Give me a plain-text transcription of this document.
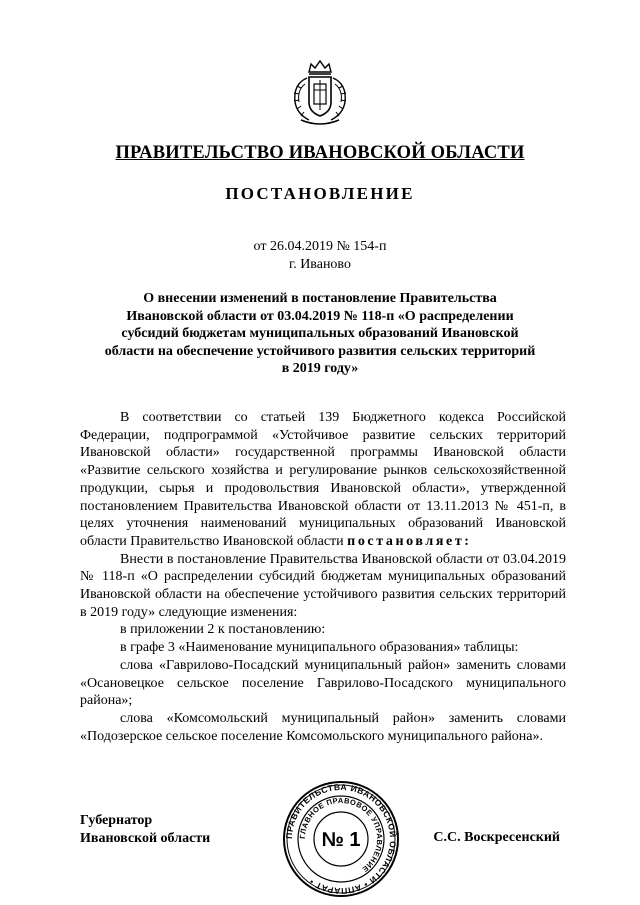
ПРАВИТЕЛЬСТВО ИВАНОВСКОЙ ОБЛАСТИ
ПОСТАНОВЛЕНИЕ
от 26.04.2019 № 154-п
г. Иваново
О внесении изменений в постановление Правительства
Ивановской области от 03.04.2019 № 118-п «О распределении
субсидий бюджетам муниципальных образований Ивановской
области на обеспечение устойчивого развития сельских территорий
в 2019 году»

В соответствии со статьей 139 Бюджетного кодекса Российской Федерации, подпрограммой «Устойчивое развитие сельских территорий Ивановской области» государственной программы Ивановской области «Развитие сельского хозяйства и регулирование рынков сельскохозяйственной продукции, сырья и продовольствия Ивановской области», утвержденной постановлением Правительства Ивановской области от 13.11.2013 № 451-п, в целях уточнения наименований муниципальных образований Ивановской области Правительство Ивановской области постановляет:

Внести в постановление Правительства Ивановской области от 03.04.2019 № 118-п «О распределении субсидий бюджетам муниципальных образований Ивановской области на обеспечение устойчивого развития сельских территорий в 2019 году» следующие изменения:

в приложении 2 к постановлению:

в графе 3 «Наименование муниципального образования» таблицы:

слова «Гаврилово-Посадский муниципальный район» заменить словами «Осановецкое сельское поселение Гаврилово-Посадского муниципального района»;

слова «Комсомольский муниципальный район» заменить словами «Подозерское сельское поселение Комсомольского муниципального района».

Губернатор
Ивановской области	С.С. Воскресенский
ПРАВИТЕЛЬСТВА ИВАНОВСКОЙ ОБЛАСТИ • АППАРАТ •
ГЛАВНОЕ ПРАВОВОЕ УПРАВЛЕНИЕ
№ 1
